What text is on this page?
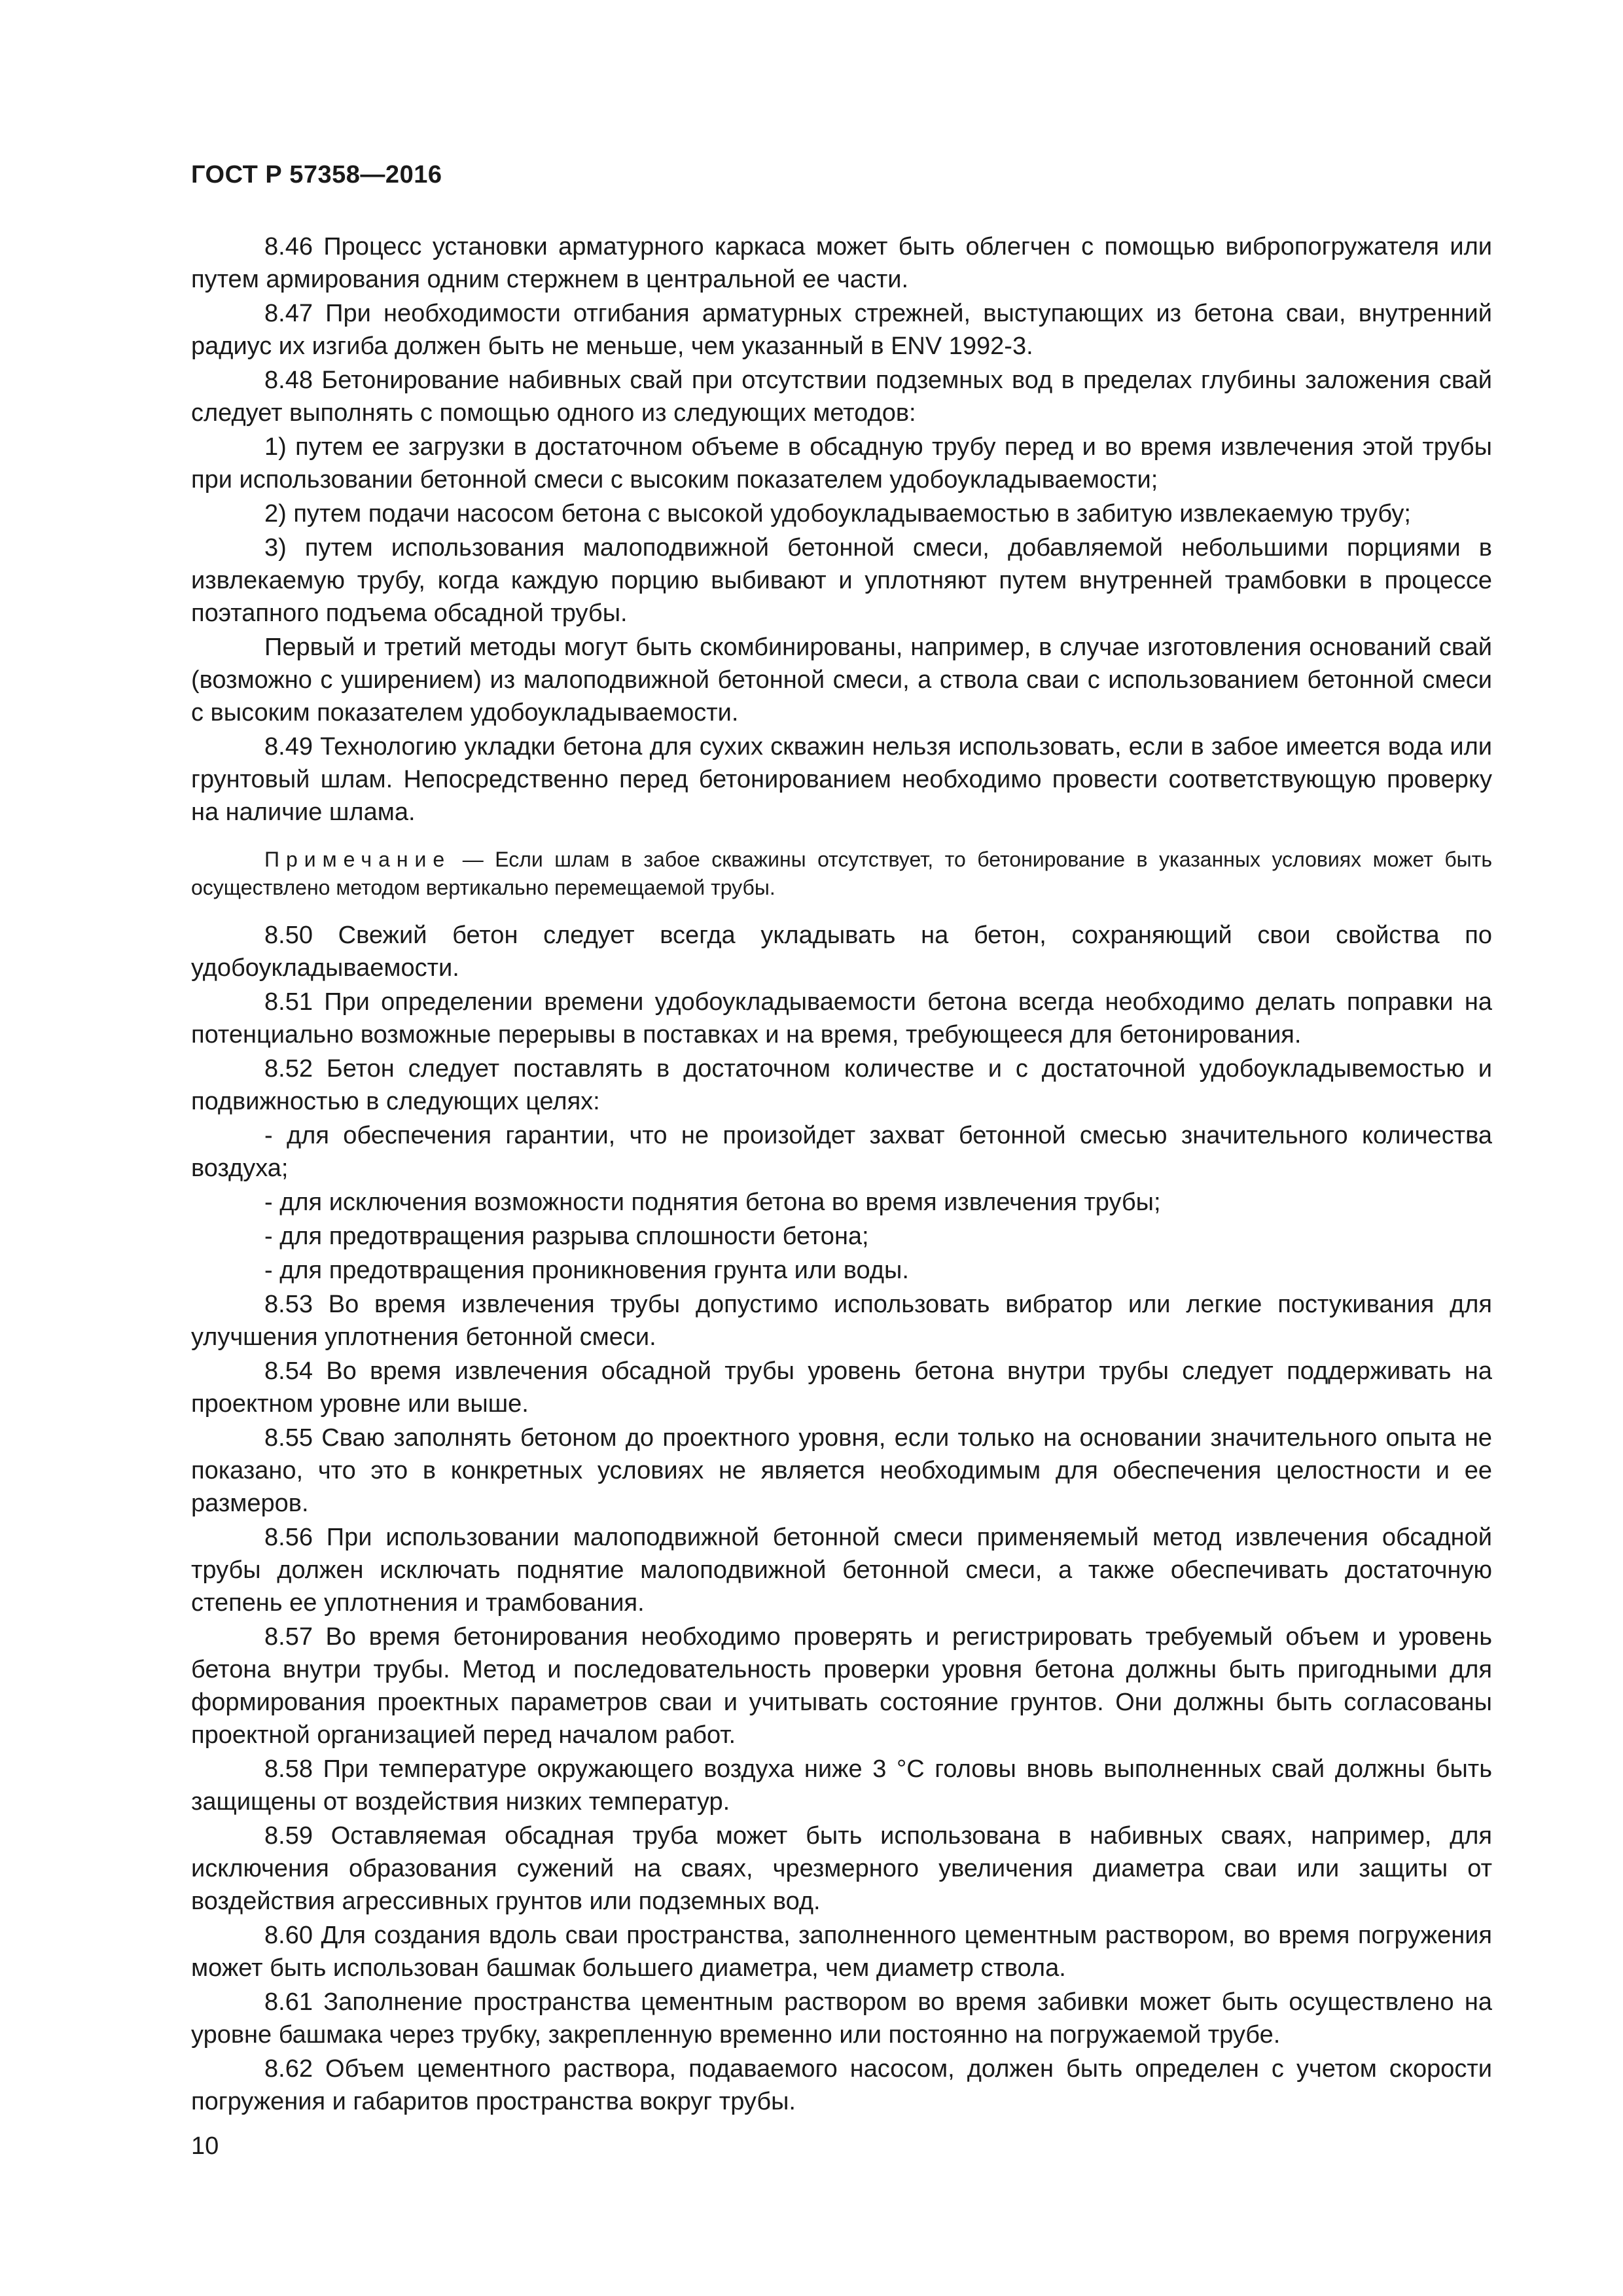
ГОСТ Р 57358—2016

8.46 Процесс установки арматурного каркаса может быть облегчен с помощью вибропогружателя или путем армирования одним стержнем в центральной ее части.

8.47 При необходимости отгибания арматурных стрежней, выступающих из бетона сваи, внутренний радиус их изгиба должен быть не меньше, чем указанный в ENV 1992-3.

8.48 Бетонирование набивных свай при отсутствии подземных вод в пределах глубины заложения свай следует выполнять с помощью одного из следующих методов:

1) путем ее загрузки в достаточном объеме в обсадную трубу перед и во время извлечения этой трубы при использовании бетонной смеси с высоким показателем удобоукладываемости;

2) путем подачи насосом бетона с высокой удобоукладываемостью в забитую извлекаемую трубу;

3) путем использования малоподвижной бетонной смеси, добавляемой небольшими порциями в извлекаемую трубу, когда каждую порцию выбивают и уплотняют путем внутренней трамбовки в процессе поэтапного подъема обсадной трубы.

Первый и третий методы могут быть скомбинированы, например, в случае изготовления оснований свай (возможно с уширением) из малоподвижной бетонной смеси, а ствола сваи с использованием бетонной смеси с высоким показателем удобоукладываемости.

8.49 Технологию укладки бетона для сухих скважин нельзя использовать, если в забое имеется вода или грунтовый шлам. Непосредственно перед бетонированием необходимо провести соответствующую проверку на наличие шлама.

Примечание — Если шлам в забое скважины отсутствует, то бетонирование в указанных условиях может быть осуществлено методом вертикально перемещаемой трубы.

8.50 Свежий бетон следует всегда укладывать на бетон, сохраняющий свои свойства по удобоукладываемости.

8.51 При определении времени удобоукладываемости бетона всегда необходимо делать поправки на потенциально возможные перерывы в поставках и на время, требующееся для бетонирования.

8.52 Бетон следует поставлять в достаточном количестве и с достаточной удобоукладывемостью и подвижностью в следующих целях:

- для обеспечения гарантии, что не произойдет захват бетонной смесью значительного количества воздуха;

- для исключения возможности поднятия бетона во время извлечения трубы;

- для предотвращения разрыва сплошности бетона;

- для предотвращения проникновения грунта или воды.

8.53 Во время извлечения трубы допустимо использовать вибратор или легкие постукивания для улучшения уплотнения бетонной смеси.

8.54 Во время извлечения обсадной трубы уровень бетона внутри трубы следует поддерживать на проектном уровне или выше.

8.55 Сваю заполнять бетоном до проектного уровня, если только на основании значительного опыта не показано, что это в конкретных условиях не является необходимым для обеспечения целостности и ее размеров.

8.56 При использовании малоподвижной бетонной смеси применяемый метод извлечения обсадной трубы должен исключать поднятие малоподвижной бетонной смеси, а также обеспечивать достаточную степень ее уплотнения и трамбования.

8.57 Во время бетонирования необходимо проверять и регистрировать требуемый объем и уровень бетона внутри трубы. Метод и последовательность проверки уровня бетона должны быть пригодными для формирования проектных параметров сваи и учитывать состояние грунтов. Они должны быть согласованы проектной организацией перед началом работ.

8.58 При температуре окружающего воздуха ниже 3 °С головы вновь выполненных свай должны быть защищены от воздействия низких температур.

8.59 Оставляемая обсадная труба может быть использована в набивных сваях, например, для исключения образования сужений на сваях, чрезмерного увеличения диаметра сваи или защиты от воздействия агрессивных грунтов или подземных вод.

8.60 Для создания вдоль сваи пространства, заполненного цементным раствором, во время погружения может быть использован башмак большего диаметра, чем диаметр ствола.

8.61 Заполнение пространства цементным раствором во время забивки может быть осуществлено на уровне башмака через трубку, закрепленную временно или постоянно на погружаемой трубе.

8.62 Объем цементного раствора, подаваемого насосом, должен быть определен с учетом скорости погружения и габаритов пространства вокруг трубы.

10
